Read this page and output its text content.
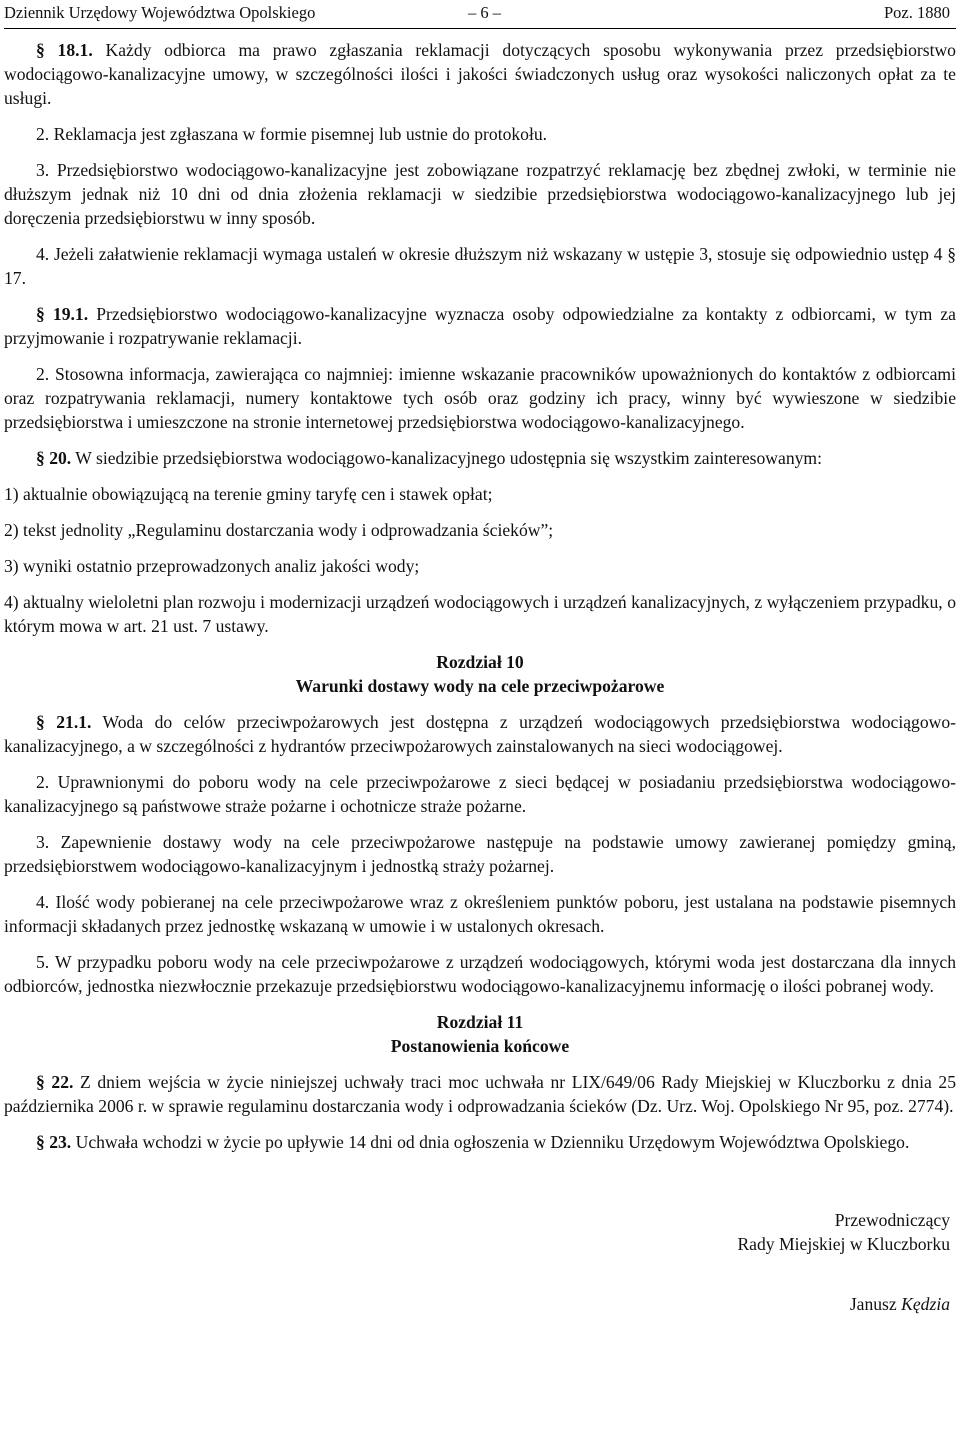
Dziennik Urzędowy Województwa Opolskiego	– 6 –	Poz. 1880

§ 18.1. Każdy odbiorca ma prawo zgłaszania reklamacji dotyczących sposobu wykonywania przez przedsiębiorstwo wodociągowo-kanalizacyjne umowy, w szczególności ilości i jakości świadczonych usług oraz wysokości naliczonych opłat za te usługi.

2. Reklamacja jest zgłaszana w formie pisemnej lub ustnie do protokołu.

3. Przedsiębiorstwo wodociągowo-kanalizacyjne jest zobowiązane rozpatrzyć reklamację bez zbędnej zwłoki, w terminie nie dłuższym jednak niż 10 dni od dnia złożenia reklamacji w siedzibie przedsiębiorstwa wodociągowo-kanalizacyjnego lub jej doręczenia przedsiębiorstwu w inny sposób.

4. Jeżeli załatwienie reklamacji wymaga ustaleń w okresie dłuższym niż wskazany w ustępie 3, stosuje się odpowiednio ustęp 4 § 17.

§ 19.1. Przedsiębiorstwo wodociągowo-kanalizacyjne wyznacza osoby odpowiedzialne za kontakty z odbiorcami, w tym za przyjmowanie i rozpatrywanie reklamacji.

2. Stosowna informacja, zawierająca co najmniej: imienne wskazanie pracowników upoważnionych do kontaktów z odbiorcami oraz rozpatrywania reklamacji, numery kontaktowe tych osób oraz godziny ich pracy, winny być wywieszone w siedzibie przedsiębiorstwa i umieszczone na stronie internetowej przedsiębiorstwa wodociągowo-kanalizacyjnego.

§ 20. W siedzibie przedsiębiorstwa wodociągowo-kanalizacyjnego udostępnia się wszystkim zainteresowanym:

1) aktualnie obowiązującą na terenie gminy taryfę cen i stawek opłat;

2) tekst jednolity „Regulaminu dostarczania wody i odprowadzania ścieków”;

3) wyniki ostatnio przeprowadzonych analiz jakości wody;

4) aktualny wieloletni plan rozwoju i modernizacji urządzeń wodociągowych i urządzeń kanalizacyjnych, z wyłączeniem przypadku, o którym mowa w art. 21 ust. 7 ustawy.

Rozdział 10

Warunki dostawy wody na cele przeciwpożarowe

§ 21.1. Woda do celów przeciwpożarowych jest dostępna z urządzeń wodociągowych przedsiębiorstwa wodociągowo-kanalizacyjnego, a w szczególności z hydrantów przeciwpożarowych zainstalowanych na sieci wodociągowej.

2. Uprawnionymi do poboru wody na cele przeciwpożarowe z sieci będącej w posiadaniu przedsiębiorstwa wodociągowo-kanalizacyjnego są państwowe straże pożarne i ochotnicze straże pożarne.

3. Zapewnienie dostawy wody na cele przeciwpożarowe następuje na podstawie umowy zawieranej pomiędzy gminą, przedsiębiorstwem wodociągowo-kanalizacyjnym i jednostką straży pożarnej.

4. Ilość wody pobieranej na cele przeciwpożarowe wraz z określeniem punktów poboru, jest ustalana na podstawie pisemnych informacji składanych przez jednostkę wskazaną w umowie i w ustalonych okresach.

5. W przypadku poboru wody na cele przeciwpożarowe z urządzeń wodociągowych, którymi woda jest dostarczana dla innych odbiorców, jednostka niezwłocznie przekazuje przedsiębiorstwu wodociągowo-kanalizacyjnemu informację o ilości pobranej wody.

Rozdział 11

Postanowienia końcowe

§ 22. Z dniem wejścia w życie niniejszej uchwały traci moc uchwała nr LIX/649/06 Rady Miejskiej w Kluczborku z dnia 25 października 2006 r. w sprawie regulaminu dostarczania wody i odprowadzania ścieków (Dz. Urz. Woj. Opolskiego Nr 95, poz. 2774).

§ 23. Uchwała wchodzi w życie po upływie 14 dni od dnia ogłoszenia w Dzienniku Urzędowym Województwa Opolskiego.

Przewodniczący

Rady Miejskiej w Kluczborku

Janusz Kędzia
